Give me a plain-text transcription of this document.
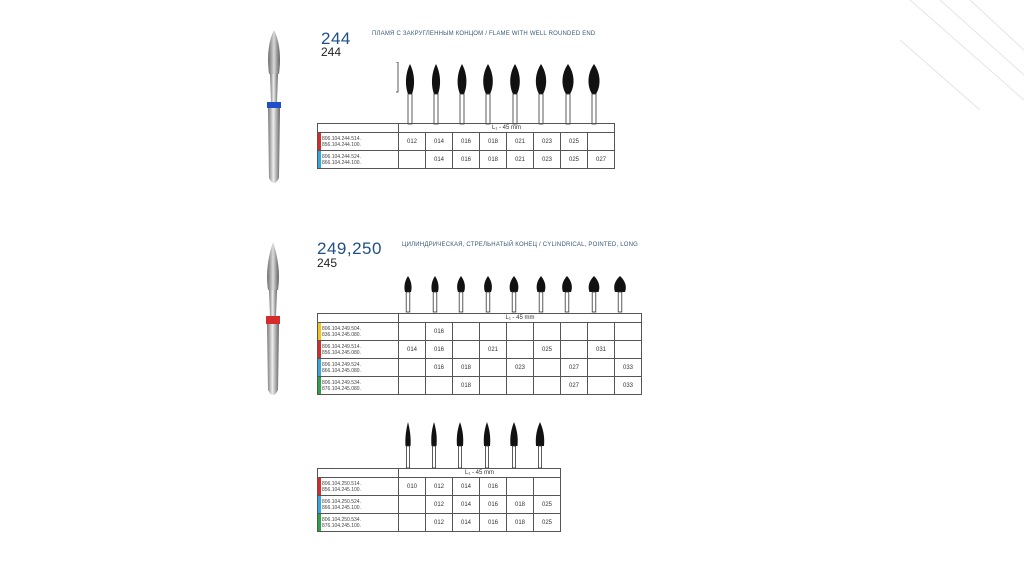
244
244
ПЛАМЯ С ЗАКРУГЛЕННЫМ КОНЦОМ / FLAME WITH WELL ROUNDED END
	L₁ - 45 mm							

806.104.244.514.
856.104.244.100.	012	014	016	018	021	023	025	

806.104.244.524.
866.104.244.100.		014	016	018	021	023	025	027
249,250
245
ЦИЛИНДРИЧЕСКАЯ, СТРЕЛЬНАТЫЙ КОНЕЦ / CYLINDRICAL, POINTED, LONG
	L₁ - 45 mm								

806.104.249.504.
836.104.245.080.		016							

806.104.249.514.
856.104.245.080.	014	016		021		025		031	

806.104.249.524.
866.104.245.080.		016	018		023		027		033

806.104.249.534.
876.104.245.080.			018				027		033
	L₁ - 45 mm					

806.104.250.514.
856.104.245.100.	010	012	014	016		

806.104.250.524.
866.104.245.100.		012	014	016	018	025

806.104.250.534.
876.104.245.100.		012	014	016	018	025
